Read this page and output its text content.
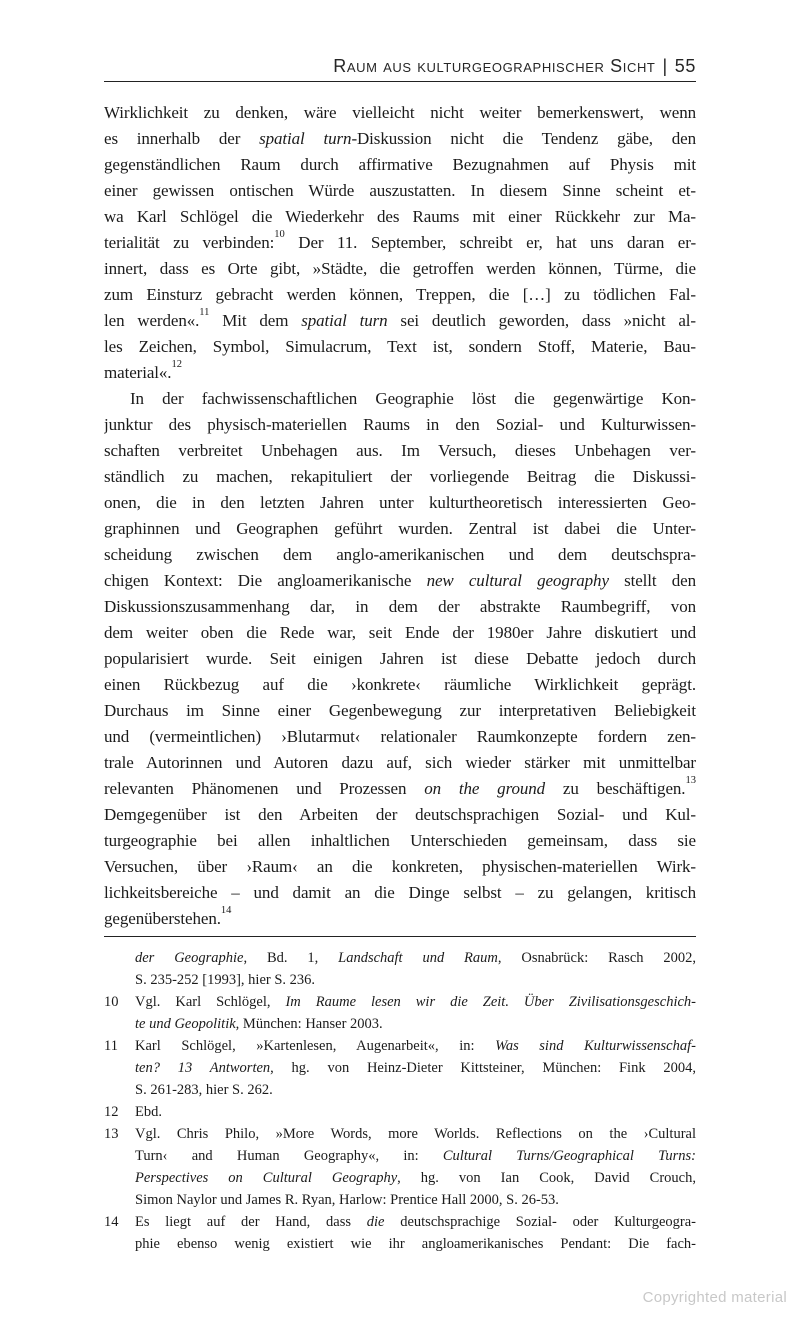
Raum aus kulturgeographischer Sicht | 55
Wirklichkeit zu denken, wäre vielleicht nicht weiter bemerkenswert, wenn
es innerhalb der spatial turn-Diskussion nicht die Tendenz gäbe, den
gegenständlichen Raum durch affirmative Bezugnahmen auf Physis mit
einer gewissen ontischen Würde auszustatten. In diesem Sinne scheint et-
wa Karl Schlögel die Wiederkehr des Raums mit einer Rückkehr zur Ma-
terialität zu verbinden:$^{10}$ Der 11. September, schreibt er, hat uns daran er-
innert, dass es Orte gibt, »Städte, die getroffen werden können, Türme, die
zum Einsturz gebracht werden können, Treppen, die […] zu tödlichen Fal-
len werden«.$^{11}$ Mit dem spatial turn sei deutlich geworden, dass »nicht al-
les Zeichen, Symbol, Simulacrum, Text ist, sondern Stoff, Materie, Bau-
material«.$^{12}$
In der fachwissenschaftlichen Geographie löst die gegenwärtige Kon-
junktur des physisch-materiellen Raums in den Sozial- und Kulturwissen-
schaften verbreitet Unbehagen aus. Im Versuch, dieses Unbehagen ver-
ständlich zu machen, rekapituliert der vorliegende Beitrag die Diskussi-
onen, die in den letzten Jahren unter kulturtheoretisch interessierten Geo-
graphinnen und Geographen geführt wurden. Zentral ist dabei die Unter-
scheidung zwischen dem anglo-amerikanischen und dem deutschspra-
chigen Kontext: Die angloamerikanische new cultural geography stellt den
Diskussionszusammenhang dar, in dem der abstrakte Raumbegriff, von
dem weiter oben die Rede war, seit Ende der 1980er Jahre diskutiert und
popularisiert wurde. Seit einigen Jahren ist diese Debatte jedoch durch
einen Rückbezug auf die ›konkrete‹ räumliche Wirklichkeit geprägt.
Durchaus im Sinne einer Gegenbewegung zur interpretativen Beliebigkeit
und (vermeintlichen) ›Blutarmut‹ relationaler Raumkonzepte fordern zen-
trale Autorinnen und Autoren dazu auf, sich wieder stärker mit unmittelbar
relevanten Phänomenen und Prozessen on the ground zu beschäftigen.$^{13}$
Demgegenüber ist den Arbeiten der deutschsprachigen Sozial- und Kul-
turgeographie bei allen inhaltlichen Unterschieden gemeinsam, dass sie
Versuchen, über ›Raum‹ an die konkreten, physischen-materiellen Wirk-
lichkeitsbereiche – und damit an die Dinge selbst – zu gelangen, kritisch
gegenüberstehen.$^{14}$
der Geographie, Bd. 1, Landschaft und Raum, Osnabrück: Rasch 2002,
S. 235-252 [1993], hier S. 236.
10	Vgl. Karl Schlögel, Im Raume lesen wir die Zeit. Über Zivilisationsgeschich-
te und Geopolitik, München: Hanser 2003.
11	Karl Schlögel, »Kartenlesen, Augenarbeit«, in: Was sind Kulturwissenschaf-
ten? 13 Antworten, hg. von Heinz-Dieter Kittsteiner, München: Fink 2004,
S. 261-283, hier S. 262.
12	Ebd.
13	Vgl. Chris Philo, »More Words, more Worlds. Reflections on the ›Cultural
Turn‹ and Human Geography«, in: Cultural Turns/Geographical Turns:
Perspectives on Cultural Geography, hg. von Ian Cook, David Crouch,
Simon Naylor und James R. Ryan, Harlow: Prentice Hall 2000, S. 26-53.
14	Es liegt auf der Hand, dass die deutschsprachige Sozial- oder Kulturgeogra-
phie ebenso wenig existiert wie ihr angloamerikanisches Pendant: Die fach-
Copyrighted material
